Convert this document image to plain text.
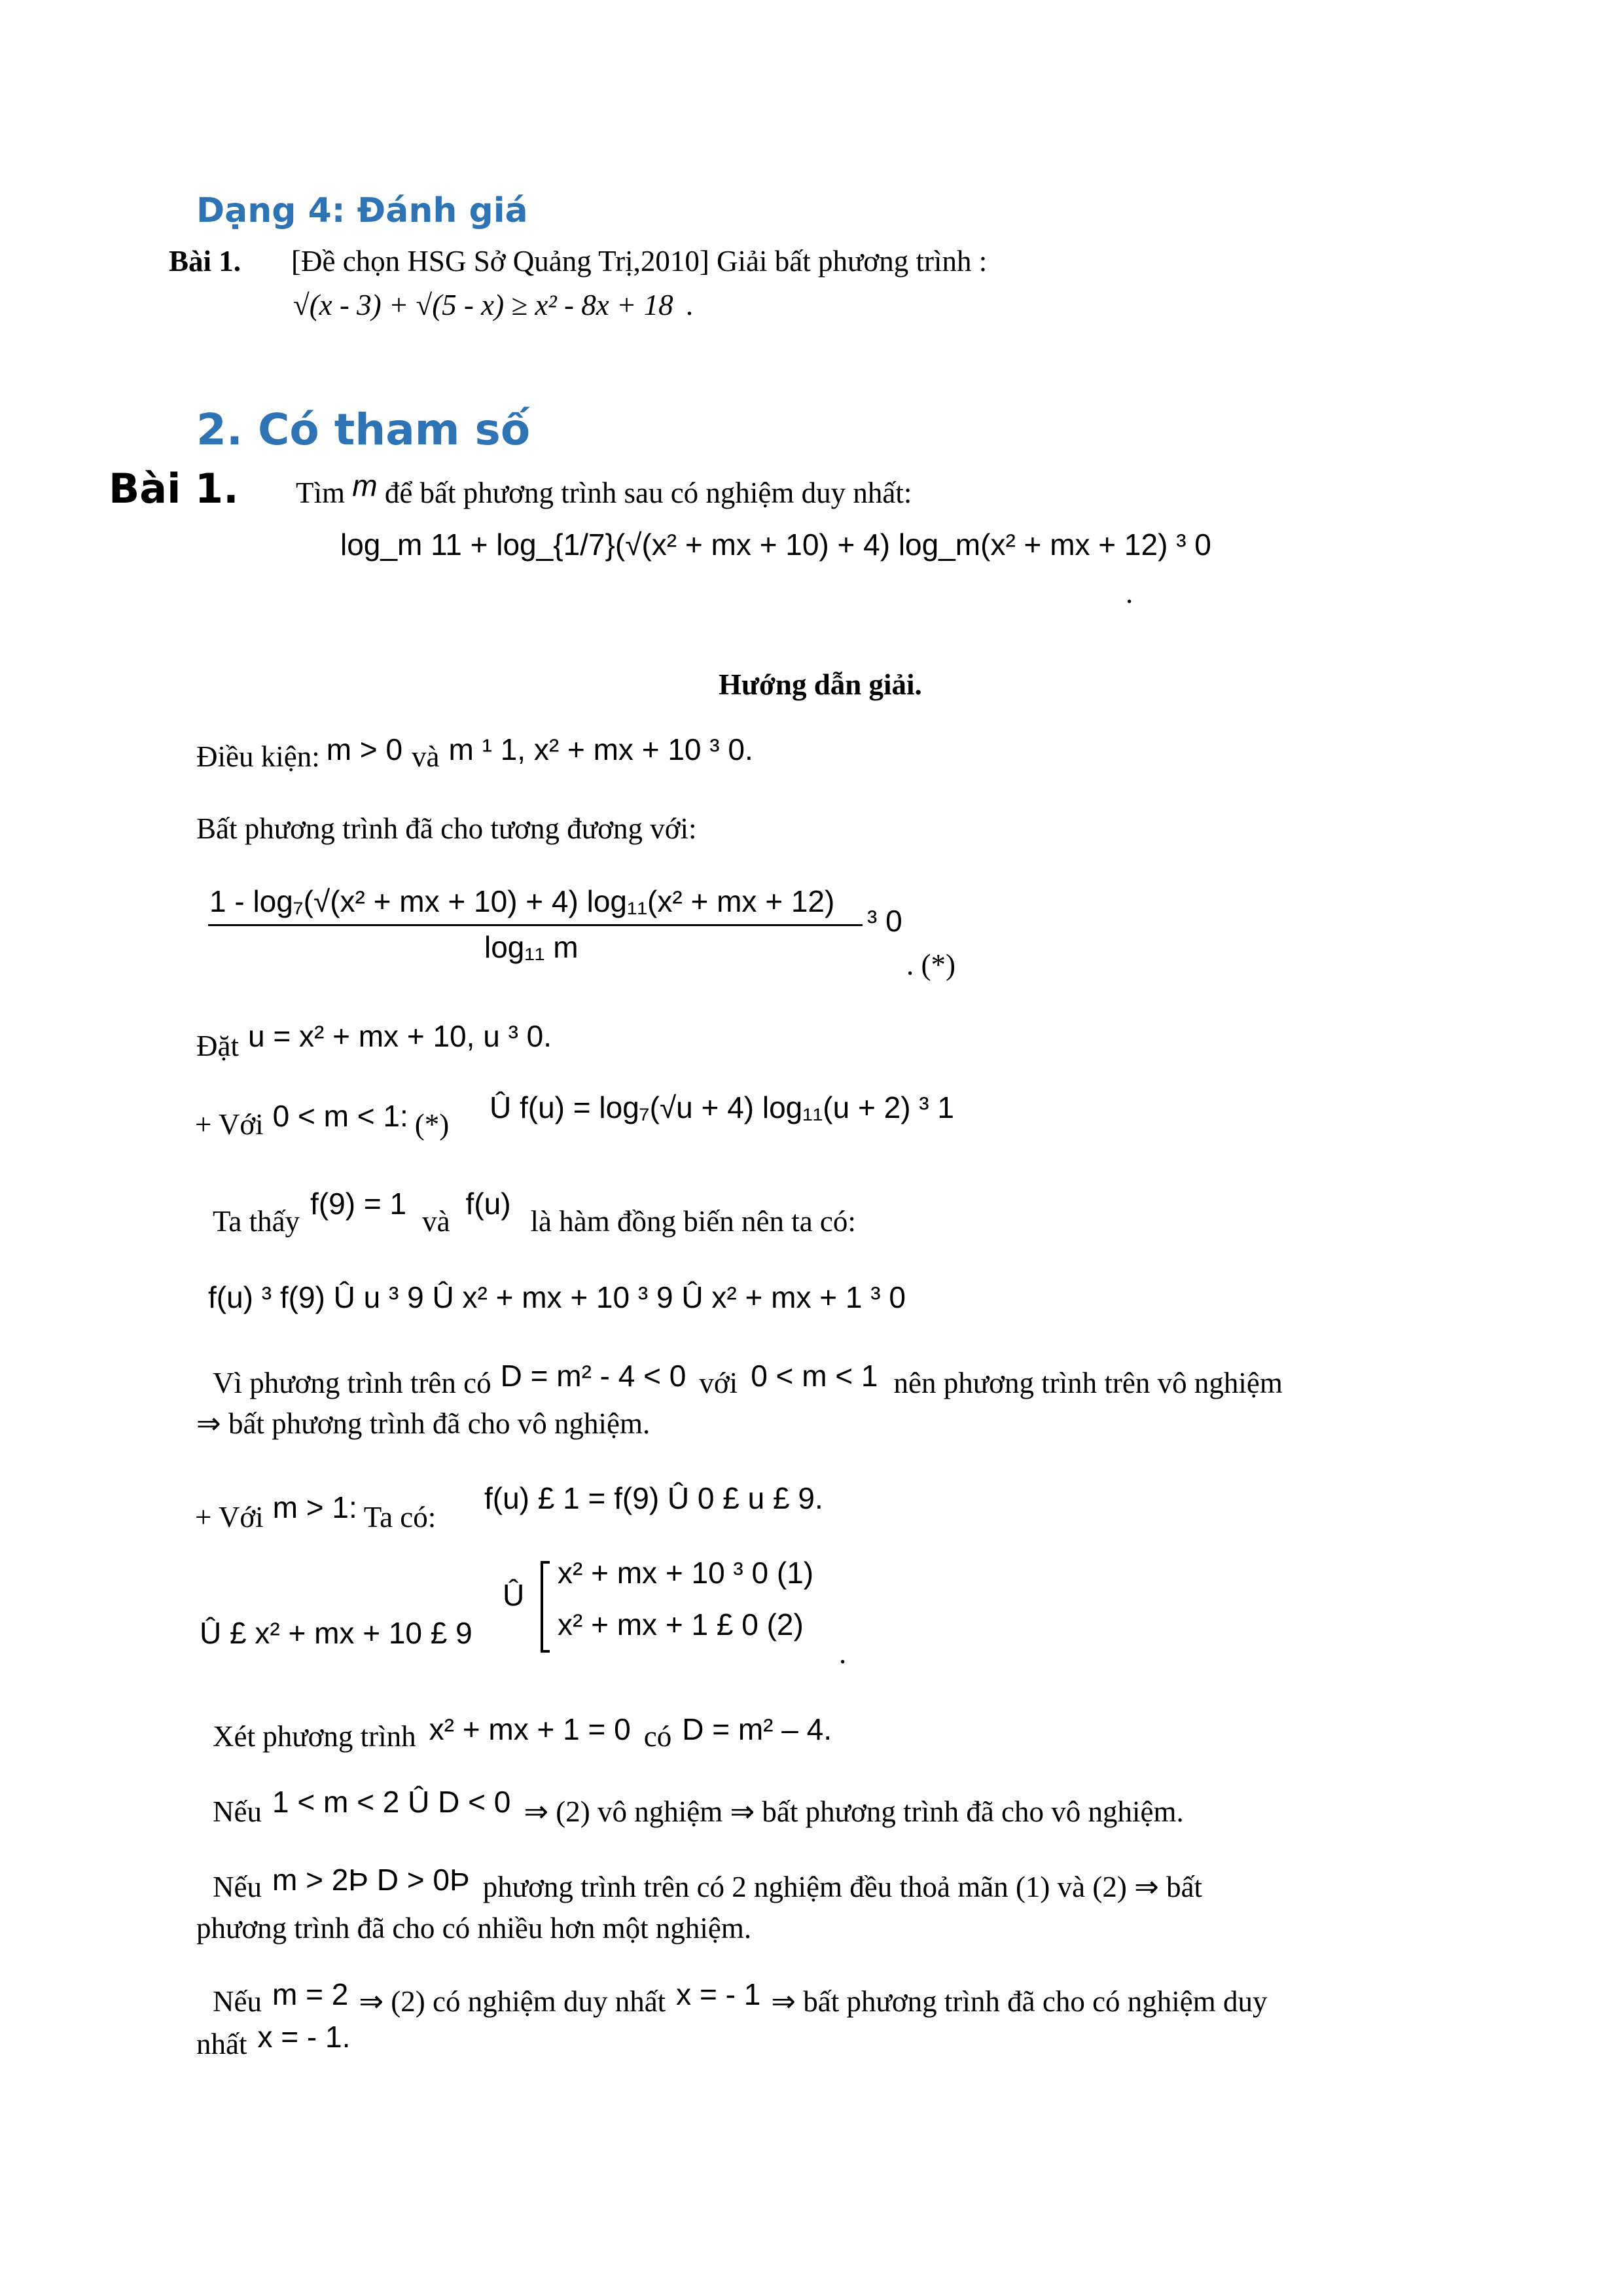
Dạng 4: Đánh giá
Bài 1. [Đề chọn HSG Sở Quảng Trị,2010] Giải bất phương trình :
√(x - 3) + √(5 - x) ≥ x² - 8x + 18 .
2. Có tham số
Bài 1. Tìm m để bất phương trình sau có nghiệm duy nhất:
log_m 11 + log_{1/7}(√(x² + mx + 10) + 4) log_m(x² + mx + 12) ³ 0
.
Hướng dẫn giải.
Điều kiện: m > 0 và m ¹ 1, x² + mx + 10 ³ 0.
Bất phương trình đã cho tương đương với:
1 - log₇(√(x² + mx + 10) + 4) log₁₁(x² + mx + 12)
log₁₁ m
³ 0
. (*)
Đặt u = x² + mx + 10, u ³ 0.
+ Với 0 < m < 1: (*) Û f(u) = log₇(√u + 4) log₁₁(u + 2) ³ 1
Ta thấy f(9) = 1 và f(u) là hàm đồng biến nên ta có:
f(u) ³ f(9) Û u ³ 9 Û x² + mx + 10 ³ 9 Û x² + mx + 1 ³ 0
Vì phương trình trên có D = m² - 4 < 0 với 0 < m < 1 nên phương trình trên vô nghiệm
⇒ bất phương trình đã cho vô nghiệm.
+ Với m > 1: Ta có:
f(u) £ 1 = f(9) Û 0 £ u £ 9.
Û
x² + mx + 10 ³ 0 (1)
x² + mx + 1 £ 0 (2)
Û £ x² + mx + 10 £ 9
.
Xét phương trình x² + mx + 1 = 0 có D = m² – 4.
Nếu 1 < m < 2 Û D < 0 ⇒ (2) vô nghiệm ⇒ bất phương trình đã cho vô nghiệm.
Nếu m > 2Þ D > 0Þ phương trình trên có 2 nghiệm đều thoả mãn (1) và (2) ⇒ bất
phương trình đã cho có nhiều hơn một nghiệm.
Nếu m = 2 ⇒ (2) có nghiệm duy nhất x = - 1 ⇒ bất phương trình đã cho có nghiệm duy
nhất x = - 1.
